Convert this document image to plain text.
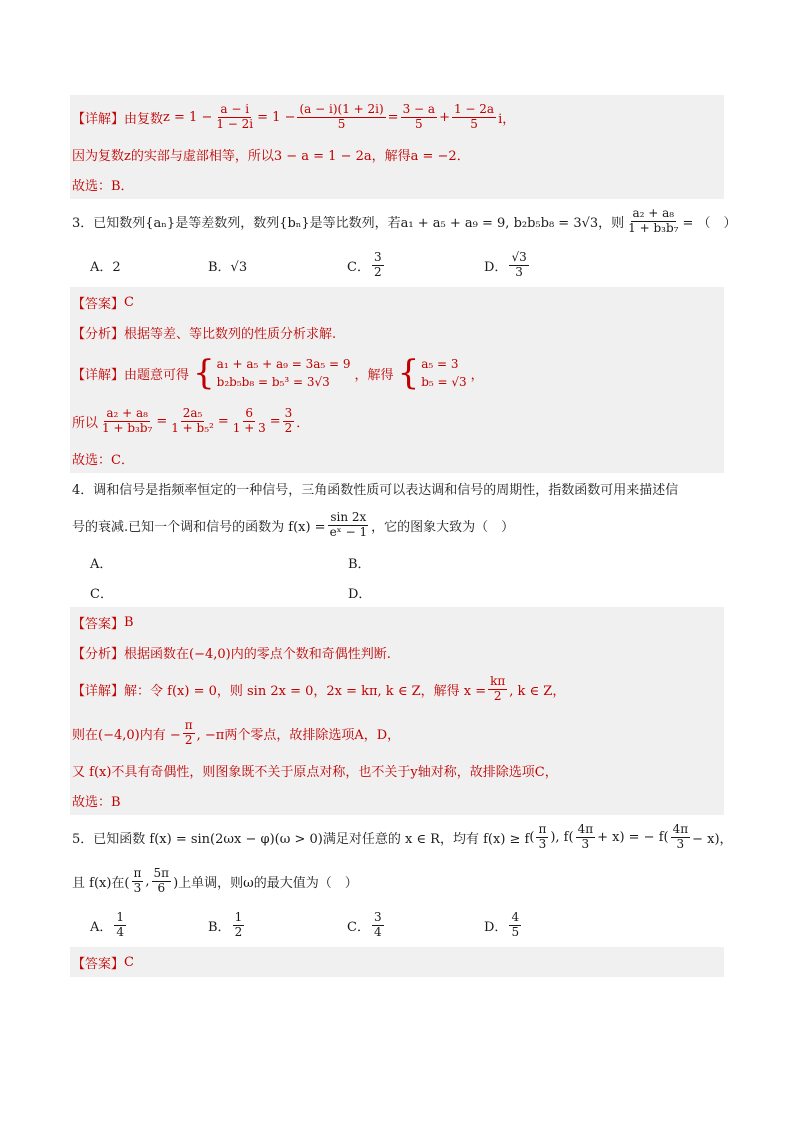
【详解】 由复数 $z = 1 - \frac{a - i}{1 - 2i} = 1 - \frac{(a - i)(1 + 2i)}{5} = \frac{3 - a}{5} + \frac{1 - 2a}{5}$ i，
因为复数z的实部与虚部相等，所以3 − a = 1 − 2a，解得a = −2．
故选：B．
3．已知数列{aₙ}是等差数列，数列{bₙ}是等比数列，若a₁ + a₅ + a₉ = 9, b₂b₅b₈ = 3√3，则 $\frac{\text{a₂ + a₈}}{\text{1 + b₃b₇}}$ = （　）
A．2	B．√3	C． $\frac{3}{2}$	D． $\frac{√3}{3}$
【答案】 C
【分析】 根据等差、等比数列的性质分析求解.
【详解】 由题意可得 { a₁ + a₅ + a₉ = 3a₅ = 9
b₂b₅b₈ = b₅³ = 3√3	，解得 { a₅ = 3
b₅ = √3 ，
所以 $\frac{\text{a₂ + a₈}}{\text{1 + b₃b₇}} = \frac{\text{2a₅}}{\text{1 + b₅²}} = \frac{6}{1 + 3} = \frac{3}{2}$ ．
故选：C．
4．调和信号是指频率恒定的一种信号，三角函数性质可以表达调和信号的周期性，指数函数可用来描述信
号的衰减.已知一个调和信号的函数为 $f(x) = \frac{\sin 2x}{\text{eˣ − 1}}$ ，它的图象大致为（　）
A．	B．
C．	D．
【答案】 B
【分析】 根据函数在(−4,0)内的零点个数和奇偶性判断.
【详解】 解：令 f(x) = 0，则 sin 2x = 0，2x = kπ, k ∈ Z，解得 $x = \frac{k\pi}{2}$ , k ∈ Z，
则在(−4,0)内有 − $\frac{\pi}{2}$ , −π两个零点，故排除选项A，D，
又 f(x)不具有奇偶性，则图象既不关于原点对称，也不关于y轴对称，故排除选项C，
故选：B
5．已知函数 f(x) = sin(2ωx − φ)(ω > 0)满足对任意的 x ∈ R，均有 f(x) ≥ f ( $\frac{\pi}{3}$ ) , f ( $\frac{4\pi}{3} + x$) = − $f( \frac{4\pi}{3} - x)$，
且 f(x)在( $\frac{\pi}{3}$ , $\frac{5\pi}{6}$ )上单调，则ω的最大值为（　）
A． $\frac{1}{4}$	B． $\frac{1}{2}$	C． $\frac{3}{4}$	D． $\frac{4}{5}$
【答案】 C
